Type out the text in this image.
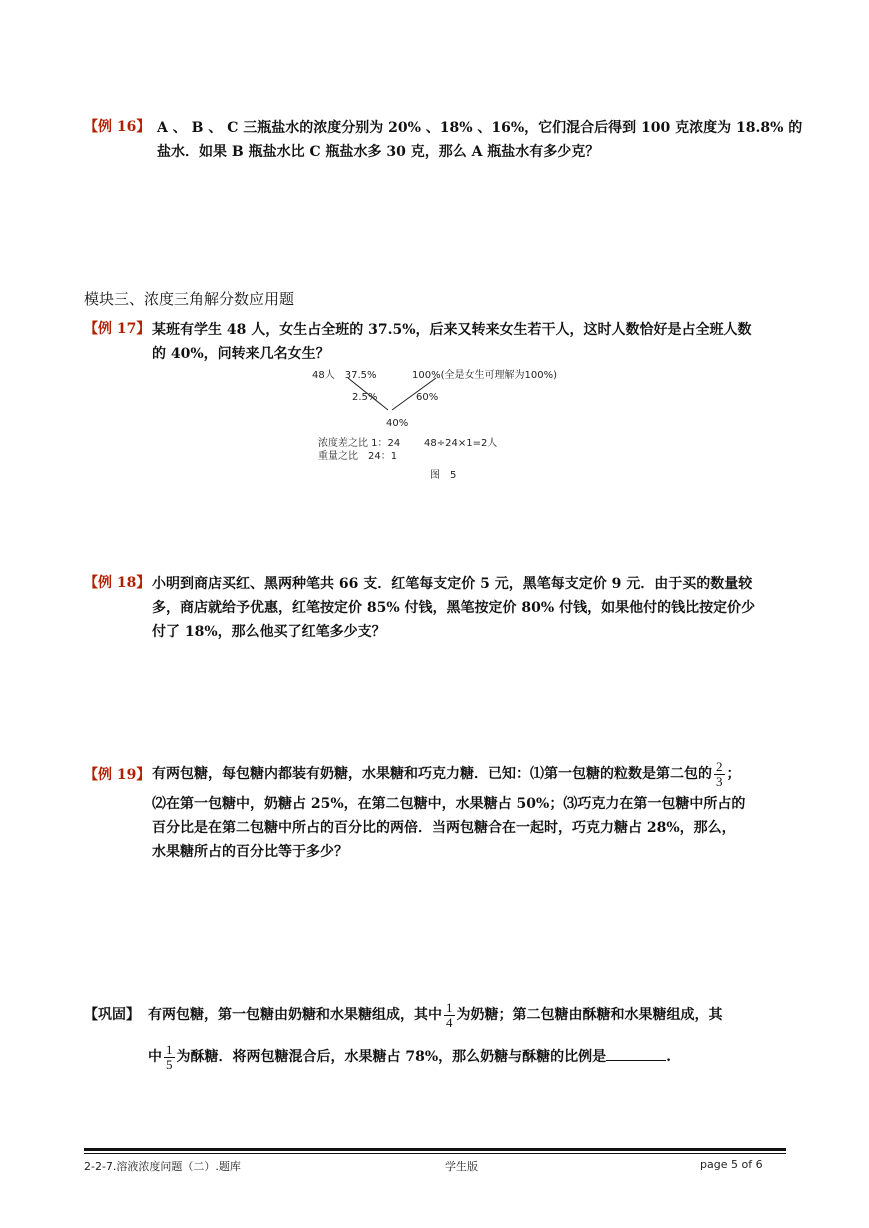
【例 16】 A 、 B 、 C 三瓶盐水的浓度分别为 20% 、18% 、16%，它们混合后得到 100 克浓度为 18.8% 的
盐水．如果 B 瓶盐水比 C 瓶盐水多 30 克，那么 A 瓶盐水有多少克？
模块三、浓度三角解分数应用题
【例 17】 某班有学生 48 人，女生占全班的 37.5%，后来又转来女生若干人，这时人数恰好是占全班人数
的 40%，问转来几名女生？
48人　37.5%	100%(全是女生可理解为100%)
2.5%	60%
40%
浓度差之比 1：24 48÷24×1=2人
重量之比　24：1
图　5
【例 18】 小明到商店买红、黑两种笔共 66 支．红笔每支定价 5 元，黑笔每支定价 9 元．由于买的数量较
多，商店就给予优惠，红笔按定价 85% 付钱，黑笔按定价 80% 付钱，如果他付的钱比按定价少
付了 18%，那么他买了红笔多少支？
【例 19】 有两包糖，每包糖内都装有奶糖，水果糖和巧克力糖．已知：⑴第一包糖的粒数是第二包的 $\frac{2}{3}$ ；
⑵在第一包糖中，奶糖占 25%，在第二包糖中，水果糖占 50%；⑶巧克力在第一包糖中所占的
百分比是在第二包糖中所占的百分比的两倍．当两包糖合在一起时，巧克力糖占 28%，那么，
水果糖所占的百分比等于多少？
【巩固】 有两包糖，第一包糖由奶糖和水果糖组成，其中 $\frac{1}{4}$ 为奶糖；第二包糖由酥糖和水果糖组成，其
中 $\frac{1}{5}$ 为酥糖．将两包糖混合后，水果糖占 78%，那么奶糖与酥糖的比例是	.
2-2-7.溶液浓度问题（二）.题库	学生版	page 5 of 6
